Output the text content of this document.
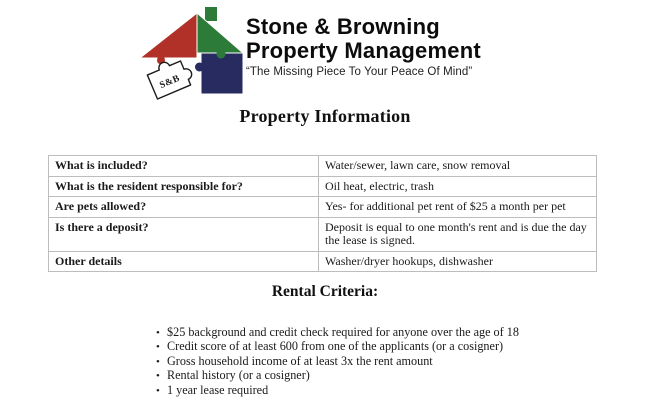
S&B
Stone & Browning
Property Management
“The Missing Piece To Your Peace Of Mind”
Property Information
What is included?	Water/sewer, lawn care, snow removal
What is the resident responsible for?	Oil heat, electric, trash
Are pets allowed?	Yes- for additional pet rent of $25 a month per pet
Is there a deposit?	Deposit is equal to one month's rent and is due the day the lease is signed.
Other details	Washer/dryer hookups, dishwasher
Rental Criteria:
• $25 background and credit check required for anyone over the age of 18
• Credit score of at least 600 from one of the applicants (or a cosigner)
• Gross household income of at least 3x the rent amount
• Rental history (or a cosigner)
• 1 year lease required
